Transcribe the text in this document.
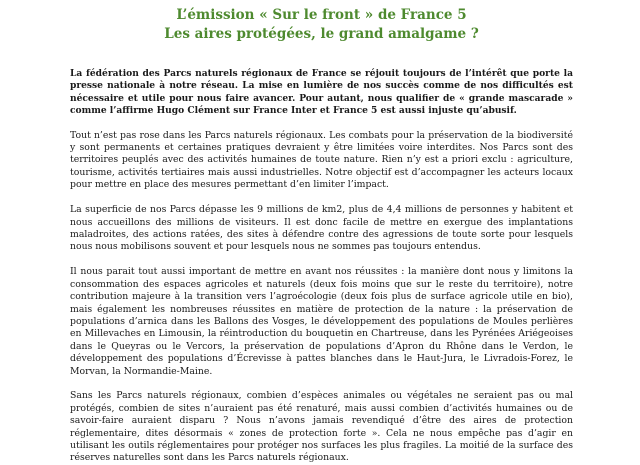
L’émission « Sur le front » de France 5
Les aires protégées, le grand amalgame ?

La fédération des Parcs naturels régionaux de France se réjouit toujours de l’intérêt que porte la presse nationale à notre réseau. La mise en lumière de nos succès comme de nos difficultés est nécessaire et utile pour nous faire avancer. Pour autant, nous qualifier de « grande mascarade » comme l’affirme Hugo Clément sur France Inter et France 5 est aussi injuste qu’abusif.

Tout n’est pas rose dans les Parcs naturels régionaux. Les combats pour la préservation de la biodiversité y sont permanents et certaines pratiques devraient y être limitées voire interdites. Nos Parcs sont des territoires peuplés avec des activités humaines de toute nature. Rien n’y est a priori exclu : agriculture, tourisme, activités tertiaires mais aussi industrielles. Notre objectif est d’accompagner les acteurs locaux pour mettre en place des mesures permettant d’en limiter l’impact.

La superficie de nos Parcs dépasse les 9 millions de km2, plus de 4,4 millions de personnes y habitent et nous accueillons des millions de visiteurs. Il est donc facile de mettre en exergue des implantations maladroites, des actions ratées, des sites à défendre contre des agressions de toute sorte pour lesquels nous nous mobilisons souvent et pour lesquels nous ne sommes pas toujours entendus.

Il nous parait tout aussi important de mettre en avant nos réussites : la manière dont nous y limitons la consommation des espaces agricoles et naturels (deux fois moins que sur le reste du territoire), notre contribution majeure à la transition vers l’agroécologie (deux fois plus de surface agricole utile en bio), mais également les nombreuses réussites en matière de protection de la nature : la préservation de populations d’arnica dans les Ballons des Vosges, le développement des populations de Moules perlières en Millevaches en Limousin, la réintroduction du bouquetin en Chartreuse, dans les Pyrénées Ariégeoises dans le Queyras ou le Vercors, la préservation de populations d’Apron du Rhône dans le Verdon, le développement des populations d’Écrevisse à pattes blanches dans le Haut-Jura, le Livradois-Forez, le Morvan, la Normandie-Maine.

Sans les Parcs naturels régionaux, combien d’espèces animales ou végétales ne seraient pas ou mal protégés, combien de sites n’auraient pas été renaturé, mais aussi combien d’activités humaines ou de savoir-faire auraient disparu ? Nous n’avons jamais revendiqué d’être des aires de protection réglementaire, dites désormais « zones de protection forte ». Cela ne nous empêche pas d’agir en utilisant les outils réglementaires pour protéger nos surfaces les plus fragiles. La moitié de la surface des réserves naturelles sont dans les Parcs naturels régionaux.
